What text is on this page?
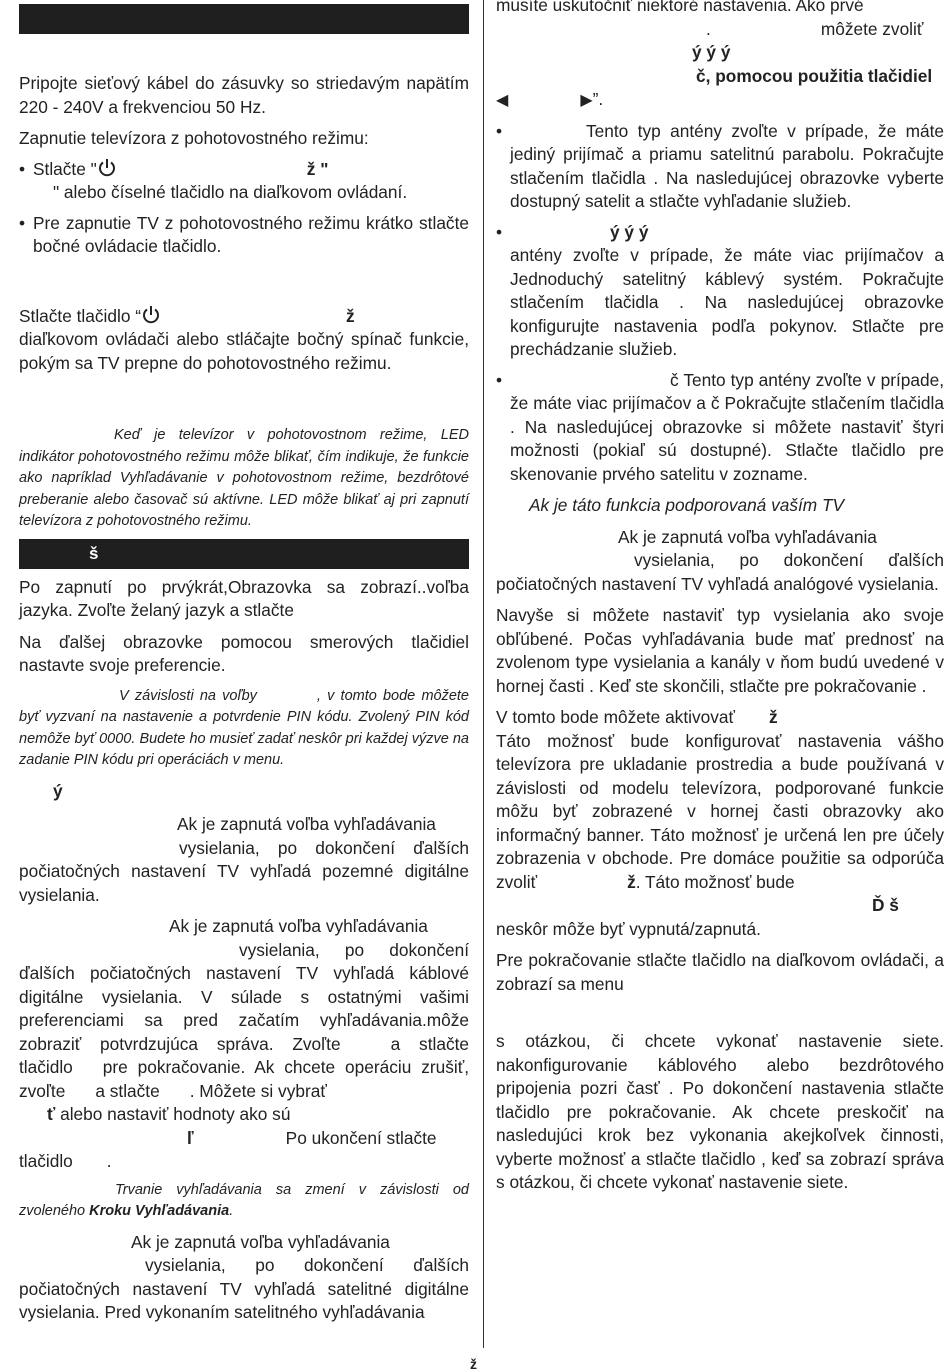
Pripojte sieťový kábel do zásuvky so striedavým napätím 220 - 240V a frekvenciou 50 Hz.

Zapnutie televízora z pohotovostného režimu:

• Stlačte "	ž "
" alebo číselné tlačidlo na diaľkovom ovládaní.
• Pre zapnutie TV z pohotovostného režimu krátko stlačte bočné ovládacie tlačidlo.

Stlačte tlačidlo “	ž
diaľkovom ovládači alebo stláčajte bočný spínač funkcie, pokým sa TV prepne do pohotovostného režimu.

Keď je televízor v pohotovostnom režime, LED indikátor pohotovostného režimu môže blikať, čím indikuje, že funkcie ako napríklad Vyhľadávanie v pohotovostnom režime, bezdrôtové preberanie alebo časovač sú aktívne. LED môže blikať aj pri zapnutí televízora z pohotovostného režimu.

š

Po zapnutí po prvýkrát,Obrazovka sa zobrazí..voľba jazyka. Zvoľte želaný jazyk a stlačte

Na ďalšej obrazovke pomocou smerových tlačidiel nastavte svoje preferencie.

V závislosti na voľby	, v tomto bode môžete byť vyzvaní na nastavenie a potvrdenie PIN kódu. Zvolený PIN kód nemôže byť 0000. Budete ho musieť zadať neskôr pri každej výzve na zadanie PIN kódu pri operáciách v menu.

ý

Ak je zapnutá voľba vyhľadávania
vysielania, po dokončení ďalších počiatočných nastavení TV vyhľadá pozemné digitálne vysielania.

Ak je zapnutá voľba vyhľadávania
vysielania, po dokončení ďalších počiatočných nastavení TV vyhľadá káblové digitálne vysielania. V súlade s ostatnými vašimi preferenciami sa pred začatím vyhľadávania.môže zobraziť potvrdzujúca správa. Zvoľte	a stlačte tlačidlo pre pokračovanie. Ak chcete operáciu zrušiť, zvoľte a stlačte . Môžete si vybrať
ť alebo nastaviť hodnoty ako sú
ľ	Po ukončení stlačte
tlačidlo .

Trvanie vyhľadávania sa zmení v závislosti od zvoleného Kroku Vyhľadávania.

Ak je zapnutá voľba vyhľadávania
vysielania, po dokončení ďalších počiatočných nastavení TV vyhľadá satelitné digitálne vysielania. Pred vykonaním satelitného vyhľadávania

musíte uskutočniť niektoré nastavenia. Ako prvé
.	môžete zvoliť
ý ý ý
č, pomocou použitia tlačidiel
◀	▶”.

•	Tento typ antény zvoľte v prípade, že máte jediný prijímač a priamu satelitnú parabolu. Pokračujte stlačením tlačidla . Na nasledujúcej obrazovke vyberte dostupný satelit a stlačte vyhľadanie služieb.
•	ý ý ý
antény zvoľte v prípade, že máte viac prijímačov a Jednoduchý satelitný káblevý systém. Pokračujte stlačením tlačidla . Na nasledujúcej obrazovke konfigurujte nastavenia podľa pokynov. Stlačte pre prechádzanie služieb.
•	č Tento typ antény zvoľte v prípade, že máte viac prijímačov a č Pokračujte stlačením tlačidla . Na nasledujúcej obrazovke si môžete nastaviť štyri možnosti (pokiaľ sú dostupné). Stlačte tlačidlo pre skenovanie prvého satelitu v zozname.

Ak je táto funkcia podporovaná vaším TV

Ak je zapnutá voľba vyhľadávania
vysielania, po dokončení ďalších počiatočných nastavení TV vyhľadá analógové vysielania.

Navyše si môžete nastaviť typ vysielania ako svoje obľúbené. Počas vyhľadávania bude mať prednosť na zvolenom type vysielania a kanály v ňom budú uvedené v hornej časti . Keď ste skončili, stlačte pre pokračovanie .

V tomto bode môžete aktivovať ž
Táto možnosť bude konfigurovať nastavenia vášho televízora pre ukladanie prostredia a bude používaná v závislosti od modelu televízora, podporované funkcie môžu byť zobrazené v hornej časti obrazovky ako informačný banner. Táto možnosť je určená len pre účely zobrazenia v obchode. Pre domáce použitie sa odporúča zvoliť	ž. Táto možnosť bude
Ď š
neskôr môže byť vypnutá/zapnutá.

Pre pokračovanie stlačte tlačidlo na diaľkovom ovládači, a zobrazí sa menu

s otázkou, či chcete vykonať nastavenie siete. nakonfigurovanie káblového alebo bezdrôtového pripojenia pozri časť . Po dokončení nastavenia stlačte tlačidlo pre pokračovanie. Ak chcete preskočiť na nasledujúci krok bez vykonania akejkoľvek činnosti, vyberte možnosť a stlačte tlačidlo , keď sa zobrazí správa s otázkou, či chcete vykonať nastavenie siete.

ž
